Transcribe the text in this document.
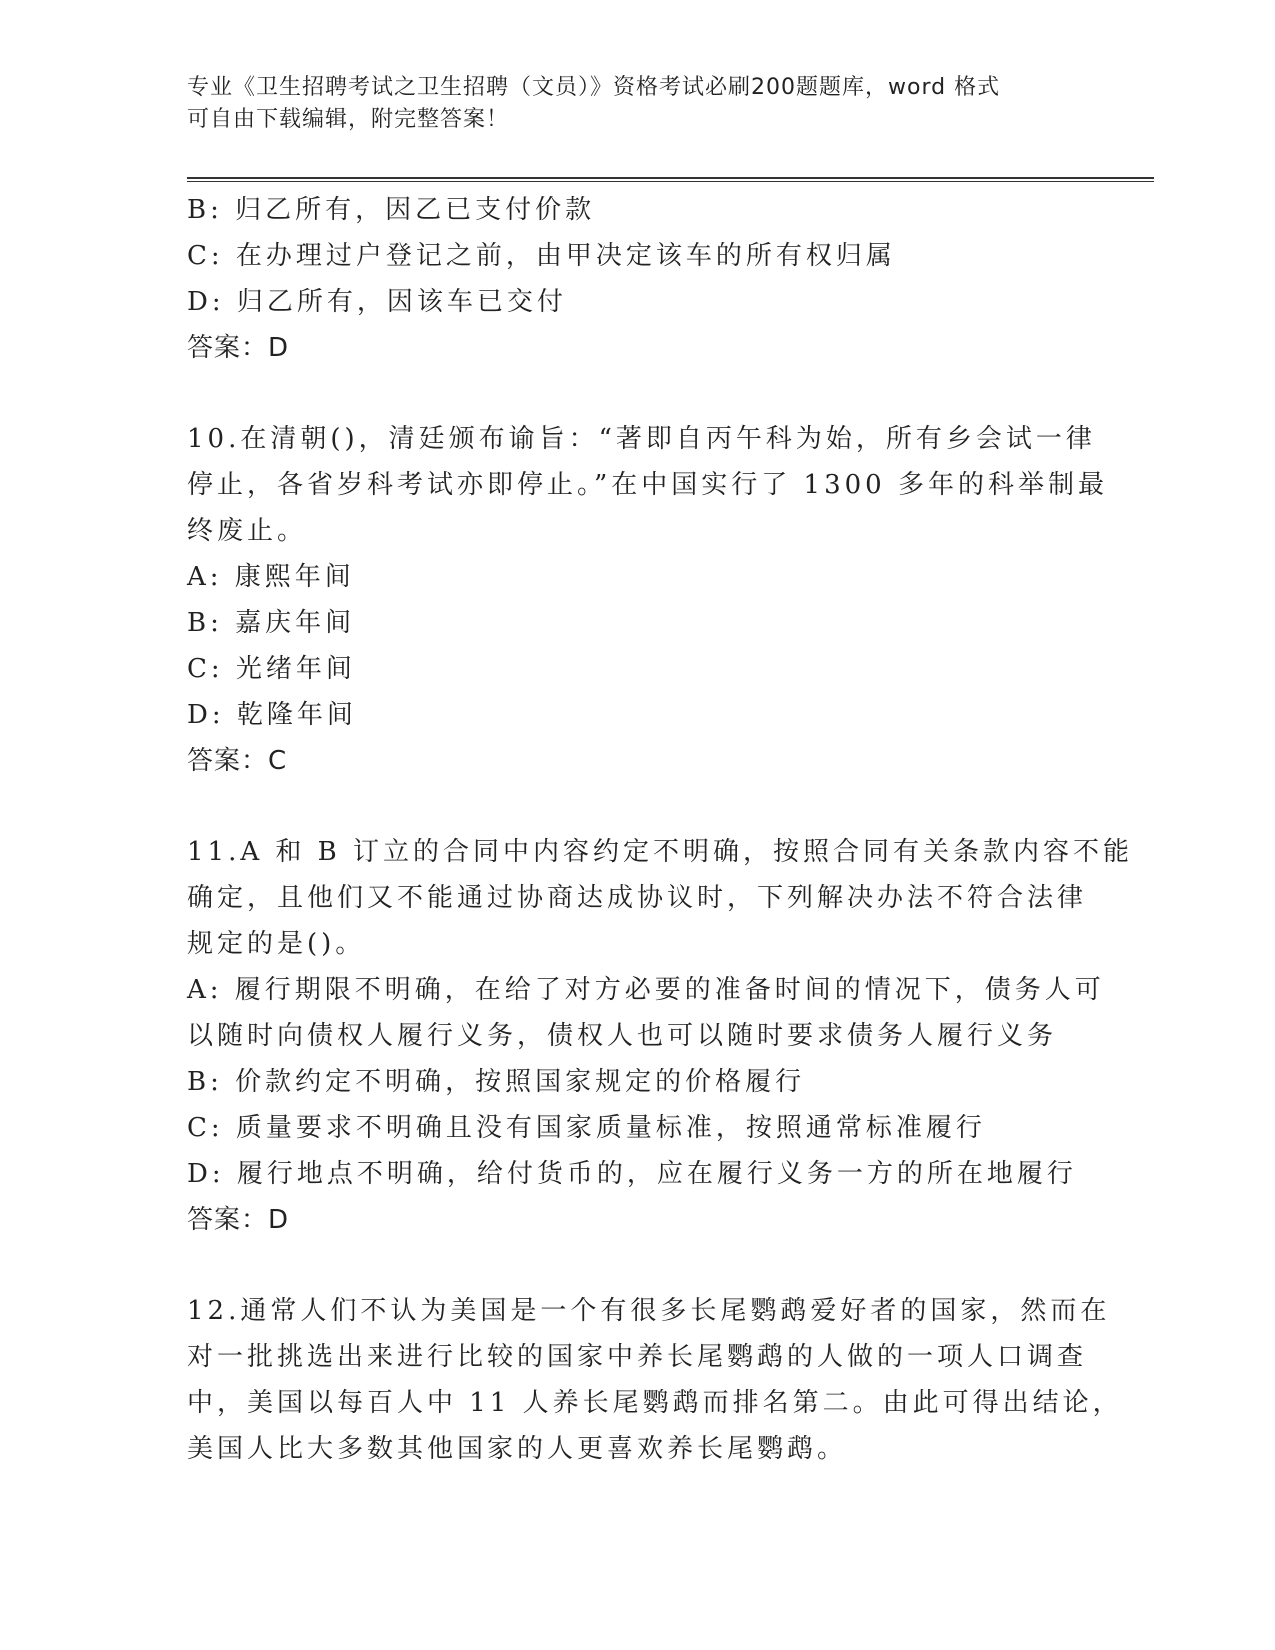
专业《卫生招聘考试之卫生招聘（文员）》资格考试必刷200题题库，word 格式
可自由下载编辑，附完整答案！
B: 归乙所有，因乙已支付价款
C: 在办理过户登记之前，由甲决定该车的所有权归属
D: 归乙所有，因该车已交付
答案：D
10.在清朝()，清廷颁布谕旨：“著即自丙午科为始，所有乡会试一律
停止，各省岁科考试亦即停止。”在中国实行了 1300 多年的科举制最
终废止。
A: 康熙年间
B: 嘉庆年间
C: 光绪年间
D: 乾隆年间
答案：C
11.A 和 B 订立的合同中内容约定不明确，按照合同有关条款内容不能
确定，且他们又不能通过协商达成协议时，下列解决办法不符合法律
规定的是()。
A: 履行期限不明确，在给了对方必要的准备时间的情况下，债务人可
以随时向债权人履行义务，债权人也可以随时要求债务人履行义务
B: 价款约定不明确，按照国家规定的价格履行
C: 质量要求不明确且没有国家质量标准，按照通常标准履行
D: 履行地点不明确，给付货币的，应在履行义务一方的所在地履行
答案：D
12.通常人们不认为美国是一个有很多长尾鹦鹉爱好者的国家，然而在
对一批挑选出来进行比较的国家中养长尾鹦鹉的人做的一项人口调查
中，美国以每百人中 11 人养长尾鹦鹉而排名第二。由此可得出结论，
美国人比大多数其他国家的人更喜欢养长尾鹦鹉。
